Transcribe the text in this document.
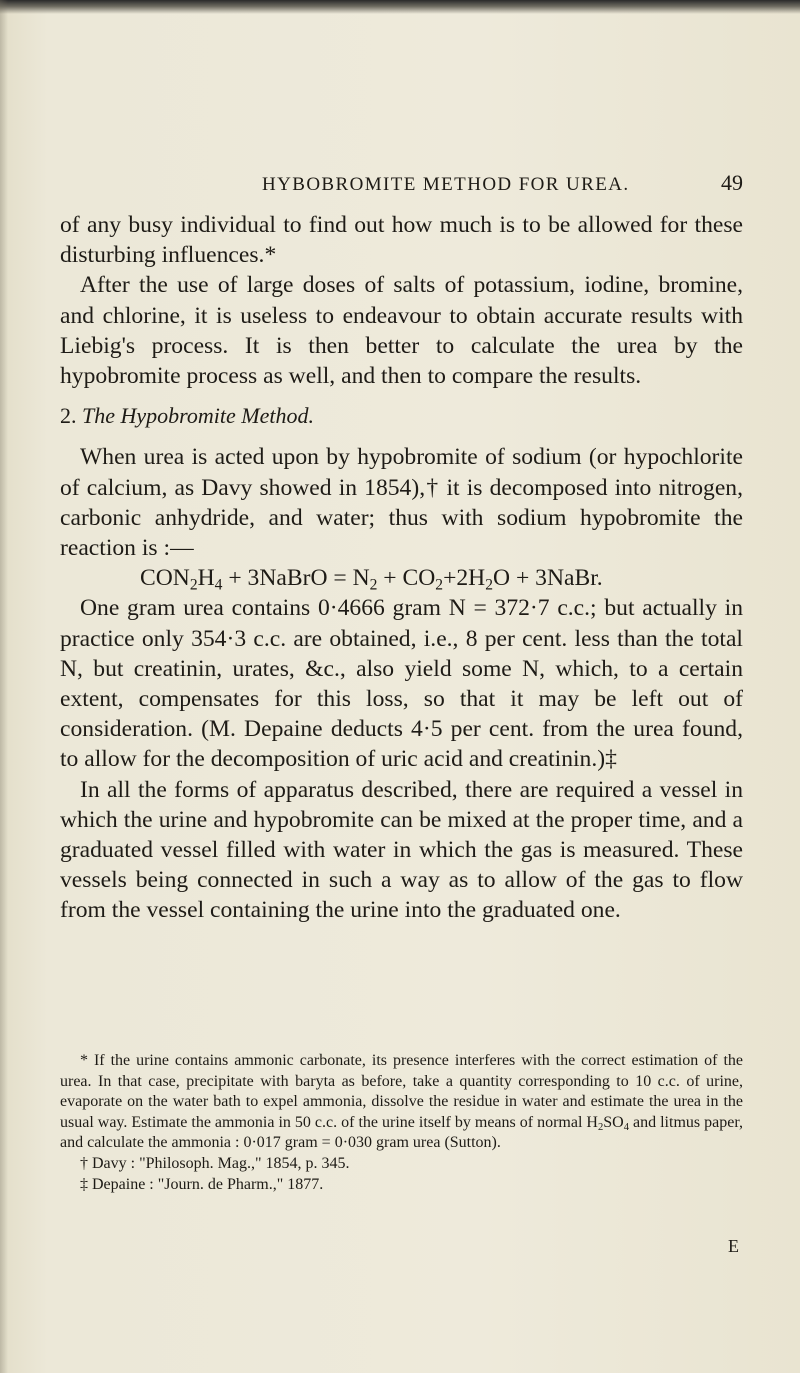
HYBOBROMITE METHOD FOR UREA.	49

of any busy individual to find out how much is to be allowed for these disturbing influences.*

After the use of large doses of salts of potassium, iodine, bromine, and chlorine, it is useless to endeavour to obtain accurate results with Liebig's process. It is then better to calculate the urea by the hypobromite process as well, and then to compare the results.

2. The Hypobromite Method.

When urea is acted upon by hypobromite of sodium (or hypochlorite of calcium, as Davy showed in 1854),† it is decomposed into nitrogen, carbonic anhydride, and water; thus with sodium hypobromite the reaction is :—

$CON_2H_4$ + 3NaBrO = $N_2 + CO_2+2H_2O$ + 3NaBr.

One gram urea contains 0·4666 gram N = 372·7 c.c.; but actually in practice only 354·3 c.c. are obtained, i.e., 8 per cent. less than the total N, but creatinin, urates, &c., also yield some N, which, to a certain extent, compensates for this loss, so that it may be left out of consideration. (M. Depaine deducts 4·5 per cent. from the urea found, to allow for the decomposition of uric acid and creatinin.)‡

In all the forms of apparatus described, there are required a vessel in which the urine and hypobromite can be mixed at the proper time, and a graduated vessel filled with water in which the gas is measured. These vessels being connected in such a way as to allow of the gas to flow from the vessel containing the urine into the graduated one.

* If the urine contains ammonic carbonate, its presence interferes with the correct estimation of the urea. In that case, precipitate with baryta as before, take a quantity corresponding to 10 c.c. of urine, evaporate on the water bath to expel ammonia, dissolve the residue in water and estimate the urea in the usual way. Estimate the ammonia in 50 c.c. of the urine itself by means of normal $H_2SO_4$ and litmus paper, and calculate the ammonia : 0·017 gram = 0·030 gram urea (Sutton).

† Davy : "Philosoph. Mag.," 1854, p. 345.

‡ Depaine : "Journ. de Pharm.," 1877.

E
